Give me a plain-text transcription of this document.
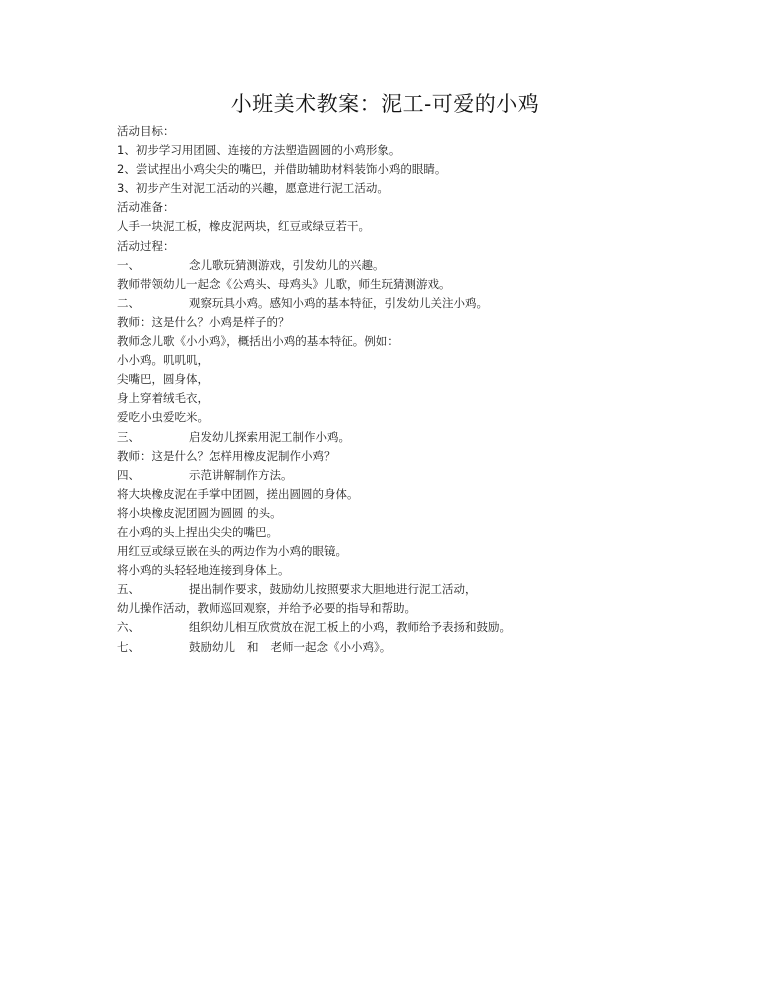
小班美术教案：泥工-可爱的小鸡
活动目标：
1、初步学习用团圆、连接的方法塑造圆圆的小鸡形象。
2、尝试捏出小鸡尖尖的嘴巴，并借助辅助材料装饰小鸡的眼睛。
3、初步产生对泥工活动的兴趣，愿意进行泥工活动。
活动准备：
人手一块泥工板，橡皮泥两块，红豆或绿豆若干。
活动过程：
一、	念儿歌玩猜测游戏，引发幼儿的兴趣。
教师带领幼儿一起念《公鸡头、母鸡头》儿歌，师生玩猜测游戏。
二、	观察玩具小鸡。感知小鸡的基本特征，引发幼儿关注小鸡。
教师：这是什么？小鸡是样子的？
教师念儿歌《小小鸡》，概括出小鸡的基本特征。例如：
小小鸡。叽叽叽，
尖嘴巴，圆身体，
身上穿着绒毛衣，
爱吃小虫爱吃米。
三、	启发幼儿探索用泥工制作小鸡。
教师：这是什么？怎样用橡皮泥制作小鸡？
四、	示范讲解制作方法。
将大块橡皮泥在手掌中团圆，搓出圆圆的身体。
将小块橡皮泥团圆为圆圆 的头。
在小鸡的头上捏出尖尖的嘴巴。
用红豆或绿豆嵌在头的两边作为小鸡的眼镜。
将小鸡的头轻轻地连接到身体上。
五、	提出制作要求，鼓励幼儿按照要求大胆地进行泥工活动，
幼儿操作活动，教师巡回观察，并给予必要的指导和帮助。
六、	组织幼儿相互欣赏放在泥工板上的小鸡，教师给予表扬和鼓励。
七、	鼓励幼儿 和 老师一起念《小小鸡》。
